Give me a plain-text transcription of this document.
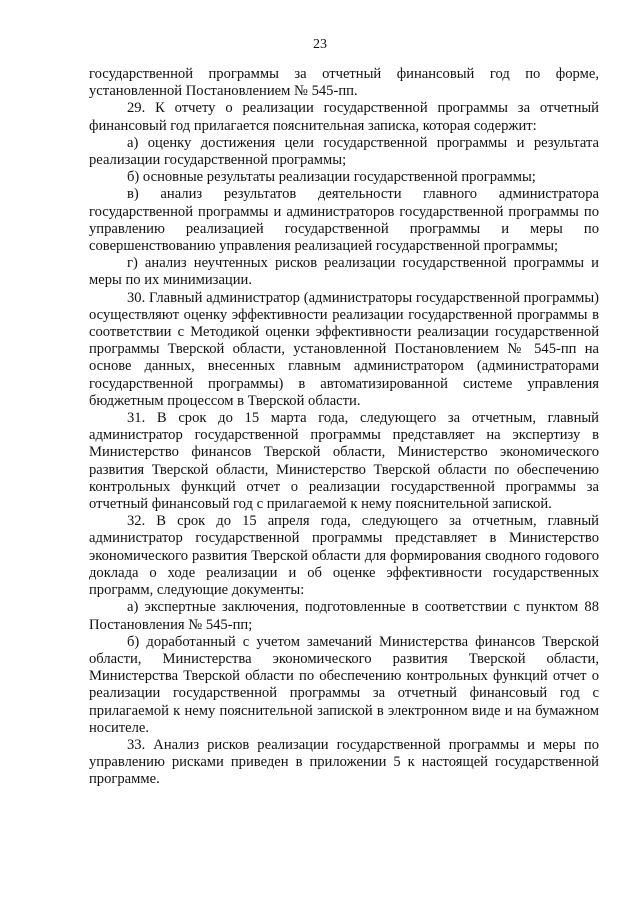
23

государственной программы за отчетный финансовый год по форме, установленной Постановлением № 545-пп.

29. К отчету о реализации государственной программы за отчетный финансовый год прилагается пояснительная записка, которая содержит:

а) оценку достижения цели государственной программы и результата реализации государственной программы;

б) основные результаты реализации государственной программы;

в) анализ результатов деятельности главного администратора государственной программы и администраторов государственной программы по управлению реализацией государственной программы и меры по совершенствованию управления реализацией государственной программы;

г) анализ неучтенных рисков реализации государственной программы и меры по их минимизации.

30. Главный администратор (администраторы государственной программы) осуществляют оценку эффективности реализации государственной программы в соответствии с Методикой оценки эффективности реализации государственной программы Тверской области, установленной Постановлением № 545-пп на основе данных, внесенных главным администратором (администраторами государственной программы) в автоматизированной системе управления бюджетным процессом в Тверской области.

31. В срок до 15 марта года, следующего за отчетным, главный администратор государственной программы представляет на экспертизу в Министерство финансов Тверской области, Министерство экономического развития Тверской области, Министерство Тверской области по обеспечению контрольных функций отчет о реализации государственной программы за отчетный финансовый год с прилагаемой к нему пояснительной запиской.

32. В срок до 15 апреля года, следующего за отчетным, главный администратор государственной программы представляет в Министерство экономического развития Тверской области для формирования сводного годового доклада о ходе реализации и об оценке эффективности государственных программ, следующие документы:

а) экспертные заключения, подготовленные в соответствии с пунктом 88 Постановления № 545-пп;

б) доработанный с учетом замечаний Министерства финансов Тверской области, Министерства экономического развития Тверской области, Министерства Тверской области по обеспечению контрольных функций отчет о реализации государственной программы за отчетный финансовый год с прилагаемой к нему пояснительной запиской в электронном виде и на бумажном носителе.

33. Анализ рисков реализации государственной программы и меры по управлению рисками приведен в приложении 5 к настоящей государственной программе.
